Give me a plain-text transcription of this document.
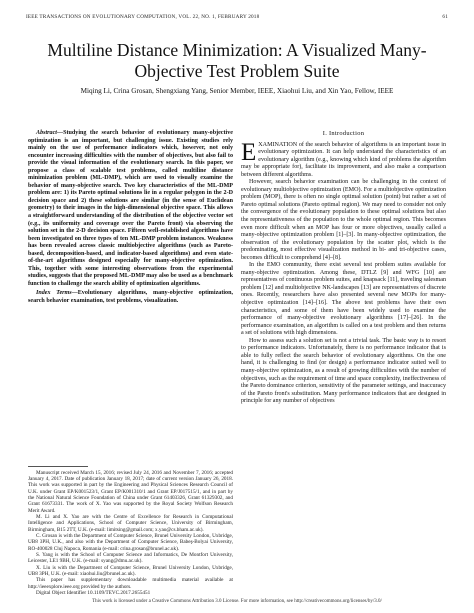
IEEE TRANSACTIONS ON EVOLUTIONARY COMPUTATION, VOL. 22, NO. 1, FEBRUARY 2018	61
Multiline Distance Minimization: A Visualized Many-Objective Test Problem Suite
Miqing Li, Crina Grosan, Shengxiang Yang, Senior Member, IEEE, Xiaohui Liu, and Xin Yao, Fellow, IEEE

Abstract—Studying the search behavior of evolutionary many-objective optimization is an important, but challenging issue. Existing studies rely mainly on the use of performance indicators which, however, not only encounter increasing difficulties with the number of objectives, but also fail to provide the visual information of the evolutionary search. In this paper, we propose a class of scalable test problems, called multiline distance minimization problem (ML-DMP), which are used to visually examine the behavior of many-objective search. Two key characteristics of the ML-DMP problem are: 1) its Pareto optimal solutions lie in a regular polygon in the 2-D decision space and 2) these solutions are similar (in the sense of Euclidean geometry) to their images in the high-dimensional objective space. This allows a straightforward understanding of the distribution of the objective vector set (e.g., its uniformity and coverage over the Pareto front) via observing the solution set in the 2-D decision space. Fifteen well-established algorithms have been investigated on three types of ten ML-DMP problem instances. Weakness has been revealed across classic multiobjective algorithms (such as Pareto-based, decomposition-based, and indicator-based algorithms) and even state-of-the-art algorithms designed especially for many-objective optimization. This, together with some interesting observations from the experimental studies, suggests that the proposed ML-DMP may also be used as a benchmark function to challenge the search ability of optimization algorithms.

Index Terms—Evolutionary algorithms, many-objective optimization, search behavior examination, test problems, visualization.

Manuscript received March 15, 2016; revised July 24, 2016 and November 7, 2016; accepted January 4, 2017. Date of publication January 18, 2017; date of current version January 26, 2018. This work was supported in part by the Engineering and Physical Sciences Research Council of U.K. under Grant EP/K001523/1, Grant EP/K001310/1 and Grant EP/J017515/1, and in part by the National Natural Science Foundation of China under Grant 61403326, Grant 61329302, and Grant 61673331. The work of X. Yao was supported by the Royal Society Wolfson Research Merit Award.

M. Li and X. Yao are with the Centre of Excellence for Research in Computational Intelligence and Applications, School of Computer Science, University of Birmingham, Birmingham, B15 2TT, U.K. (e-mail: limitsing@gmail.com; x.yao@cs.bham.ac.uk).

C. Grosan is with the Department of Computer Science, Brunel University London, Uxbridge, UB8 3PH, U.K., and also with the Department of Computer Science, Babeş-Bolyai University, RO-400028 Cluj Napoca, Romania (e-mail: crina.grosan@brunel.ac.uk).

S. Yang is with the School of Computer Science and Informatics, De Montfort University, Leicester, LE1 9BH, U.K. (e-mail: syang@dmu.ac.uk).

X. Liu is with the Department of Computer Science, Brunel University London, Uxbridge, UB8 3PH, U.K. (e-mail: xiaohui.liu@brunel.ac.uk).

This paper has supplementary downloadable multimedia material available at http://ieeexplore.ieee.org provided by the authors.

Digital Object Identifier 10.1109/TEVC.2017.2655451

I. Introduction

EXAMINATION of the search behavior of algorithms is an important issue in evolutionary optimization. It can help understand the characteristics of an evolutionary algorithm (e.g., knowing which kind of problems the algorithm may be appropriate for), facilitate its improvement, and also make a comparison between different algorithms.

However, search behavior examination can be challenging in the context of evolutionary multiobjective optimization (EMO). For a multiobjective optimization problem (MOP), there is often no single optimal solution (point) but rather a set of Pareto optimal solutions (Pareto optimal region). We may need to consider not only the convergence of the evolutionary population to these optimal solutions but also the representativeness of the population to the whole optimal region. This becomes even more difficult when an MOP has four or more objectives, usually called a many-objective optimization problem [1]–[3]. In many-objective optimization, the observation of the evolutionary population by the scatter plot, which is the predominating, most effective visualization method in bi- and tri-objective cases, becomes difficult to comprehend [4]–[8].

In the EMO community, there exist several test problem suites available for many-objective optimization. Among these, DTLZ [9] and WFG [10] are representatives of continuous problem suites, and knapsack [11], traveling salesman problem [12] and multiobjective NK-landscapes [13] are representatives of discrete ones. Recently, researchers have also presented several new MOPs for many-objective optimization [14]–[16]. The above test problems have their own characteristics, and some of them have been widely used to examine the performance of many-objective evolutionary algorithms [17]–[26]. In the performance examination, an algorithm is called on a test problem and then returns a set of solutions with high dimensions.

How to assess such a solution set is not a trivial task. The basic way is to resort to performance indicators. Unfortunately, there is no performance indicator that is able to fully reflect the search behavior of evolutionary algorithms. On the one hand, it is challenging to find (or design) a performance indicator suited well to many-objective optimization, as a result of growing difficulties with the number of objectives, such as the requirement of time and space complexity, ineffectiveness of the Pareto dominance criterion, sensitivity of the parameter settings, and inaccuracy of the Pareto front's substitution. Many performance indicators that are designed in principle for any number of objectives

This work is licensed under a Creative Commons Attribution 3.0 License. For more information, see http://creativecommons.org/licenses/by/3.0/
